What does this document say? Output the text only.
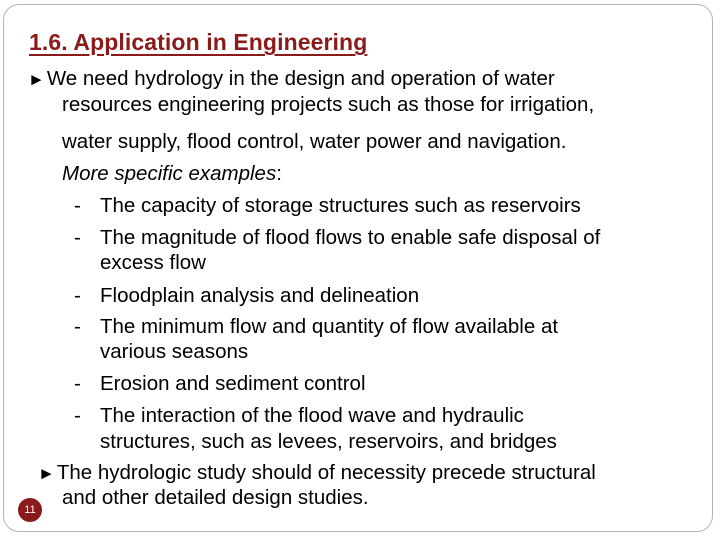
1.6. Application in Engineering
►We need hydrology in the design and operation of water
resources engineering projects such as those for irrigation,
water supply, flood control, water power and navigation.
More specific examples:
- The capacity of storage structures such as reservoirs
- The magnitude of flood flows to enable safe disposal of
excess flow
- Floodplain analysis and delineation
- The minimum flow and quantity of flow available at
various seasons
- Erosion and sediment control
- The interaction of the flood wave and hydraulic
structures, such as levees, reservoirs, and bridges
►The hydrologic study should of necessity precede structural
and other detailed design studies.
11
